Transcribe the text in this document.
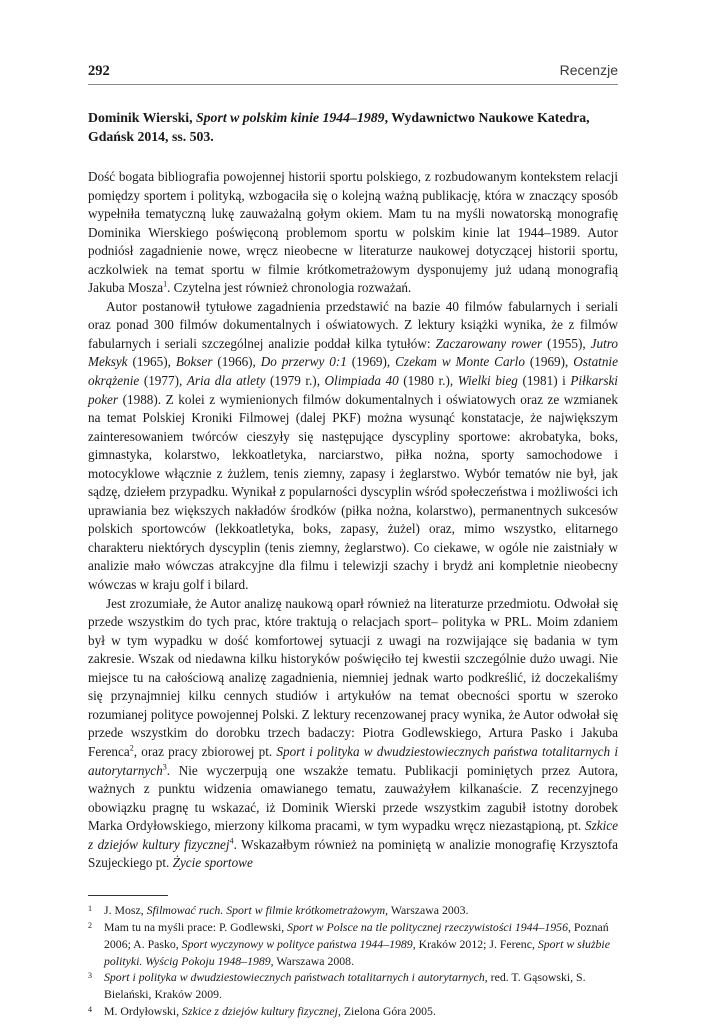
292	Recenzje
Dominik Wierski, Sport w polskim kinie 1944–1989, Wydawnictwo Naukowe Katedra, Gdańsk 2014, ss. 503.

Dość bogata bibliografia powojennej historii sportu polskiego, z rozbudowanym kontekstem relacji pomiędzy sportem i polityką, wzbogaciła się o kolejną ważną publikację, która w znaczący sposób wypełniła tematyczną lukę zauważalną gołym okiem. Mam tu na myśli nowatorską monografię Dominika Wierskiego poświęconą problemom sportu w polskim kinie lat 1944–1989. Autor podniósł zagadnienie nowe, wręcz nieobecne w literaturze naukowej dotyczącej historii sportu, aczkolwiek na temat sportu w filmie krótkometrażowym dysponujemy już udaną monografią Jakuba Mosza$^1$. Czytelna jest również chronologia rozważań.

Autor postanowił tytułowe zagadnienia przedstawić na bazie 40 filmów fabularnych i seriali oraz ponad 300 filmów dokumentalnych i oświatowych. Z lektury książki wynika, że z filmów fabularnych i seriali szczególnej analizie poddał kilka tytułów: Zaczarowany rower (1955), Jutro Meksyk (1965), Bokser (1966), Do przerwy 0:1 (1969), Czekam w Monte Carlo (1969), Ostatnie okrążenie (1977), Aria dla atlety (1979 r.), Olimpiada 40 (1980 r.), Wielki bieg (1981) i Piłkarski poker (1988). Z kolei z wymienionych filmów dokumentalnych i oświatowych oraz ze wzmianek na temat Polskiej Kroniki Filmowej (dalej PKF) można wysunąć konstatacje, że największym zainteresowaniem twórców cieszyły się następujące dyscypliny sportowe: akrobatyka, boks, gimnastyka, kolarstwo, lekkoatletyka, narciarstwo, piłka nożna, sporty samochodowe i motocyklowe włącznie z żużlem, tenis ziemny, zapasy i żeglarstwo. Wybór tematów nie był, jak sądzę, dziełem przypadku. Wynikał z popularności dyscyplin wśród społeczeństwa i możliwości ich uprawiania bez większych nakładów środków (piłka nożna, kolarstwo), permanentnych sukcesów polskich sportowców (lekkoatletyka, boks, zapasy, żużel) oraz, mimo wszystko, elitarnego charakteru niektórych dyscyplin (tenis ziemny, żeglarstwo). Co ciekawe, w ogóle nie zaistniały w analizie mało wówczas atrakcyjne dla filmu i telewizji szachy i brydż ani kompletnie nieobecny wówczas w kraju golf i bilard.

Jest zrozumiałe, że Autor analizę naukową oparł również na literaturze przedmiotu. Odwołał się przede wszystkim do tych prac, które traktują o relacjach sport– polityka w PRL. Moim zdaniem był w tym wypadku w dość komfortowej sytuacji z uwagi na rozwijające się badania w tym zakresie. Wszak od niedawna kilku historyków poświęciło tej kwestii szczególnie dużo uwagi. Nie miejsce tu na całościową analizę zagadnienia, niemniej jednak warto podkreślić, iż doczekaliśmy się przynajmniej kilku cennych studiów i artykułów na temat obecności sportu w szeroko rozumianej polityce powojennej Polski. Z lektury recenzowanej pracy wynika, że Autor odwołał się przede wszystkim do dorobku trzech badaczy: Piotra Godlewskiego, Artura Pasko i Jakuba Ferenca$^2$, oraz pracy zbiorowej pt. Sport i polityka w dwudziestowiecznych państwa totalitarnych i autorytarnych$^3$. Nie wyczerpują one wszakże tematu. Publikacji pominiętych przez Autora, ważnych z punktu widzenia omawianego tematu, zauważyłem kilkanaście. Z recenzyjnego obowiązku pragnę tu wskazać, iż Dominik Wierski przede wszystkim zagubił istotny dorobek Marka Ordyłowskiego, mierzony kilkoma pracami, w tym wypadku wręcz niezastąpioną, pt. Szkice z dziejów kultury fizycznej$^4$. Wskazałbym również na pominiętą w analizie monografię Krzysztofa Szujeckiego pt. Życie sportowe

1	J. Mosz, Sfilmować ruch. Sport w filmie krótkometrażowym, Warszawa 2003.
2	Mam tu na myśli prace: P. Godlewski, Sport w Polsce na tle politycznej rzeczywistości 1944–1956, Poznań 2006; A. Pasko, Sport wyczynowy w polityce państwa 1944–1989, Kraków 2012; J. Ferenc, Sport w służbie polityki. Wyścig Pokoju 1948–1989, Warszawa 2008.
3	Sport i polityka w dwudziestowiecznych państwach totalitarnych i autorytarnych, red. T. Gąsowski, S. Bielański, Kraków 2009.
4	M. Ordyłowski, Szkice z dziejów kultury fizycznej, Zielona Góra 2005.
